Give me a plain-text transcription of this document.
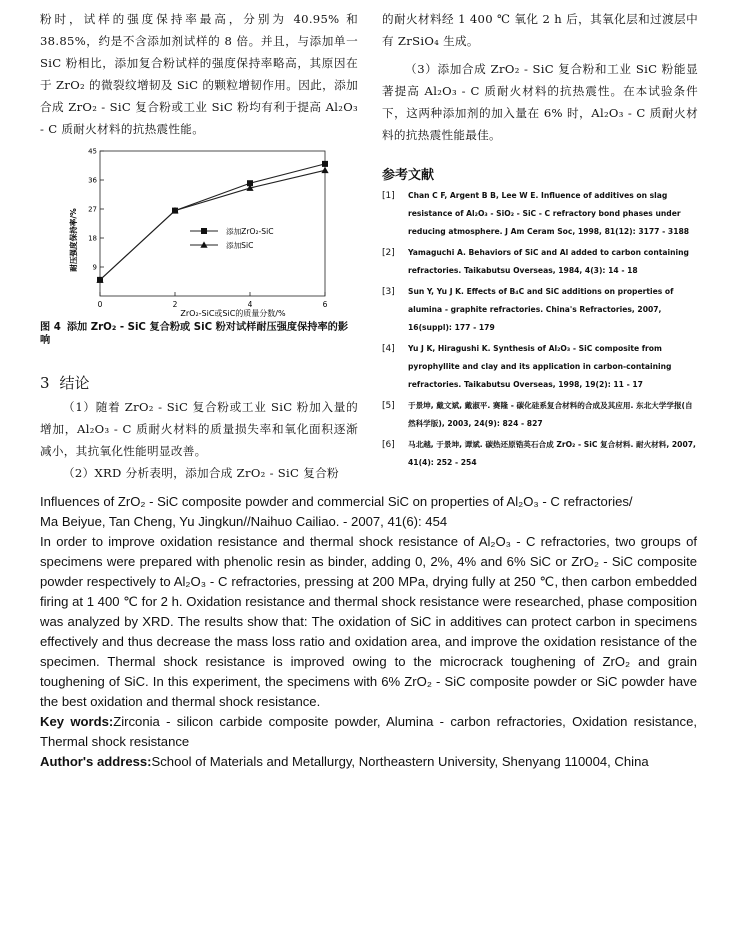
粉时，试样的强度保持率最高，分别为 40.95% 和 38.85%，约是不含添加剂试样的 8 倍。并且，与添加单一 SiC 粉相比，添加复合粉试样的强度保持率略高，其原因在于 ZrO₂ 的微裂纹增韧及 SiC 的颗粒增韧作用。因此，添加合成 ZrO₂ - SiC 复合粉或工业 SiC 粉均有利于提高 Al₂O₃ - C 质耐火材料的抗热震性能。

9
18
27
36
45
0	2	4	6
添加ZrO₂-SiC
添加SiC
耐压强度保持率/%
ZrO₂-SiC或SiC的质量分数/%

图 4 添加 ZrO₂ - SiC 复合粉或 SiC 粉对试样耐压强度保持率的影响

3 结论

（1）随着 ZrO₂ - SiC 复合粉或工业 SiC 粉加入量的增加，Al₂O₃ - C 质耐火材料的质量损失率和氧化面积逐渐减小，其抗氧化性能明显改善。

（2）XRD 分析表明，添加合成 ZrO₂ - SiC 复合粉

的耐火材料经 1 400 ℃ 氧化 2 h 后，其氧化层和过渡层中有 ZrSiO₄ 生成。

（3）添加合成 ZrO₂ - SiC 复合粉和工业 SiC 粉能显著提高 Al₂O₃ - C 质耐火材料的抗热震性。在本试验条件下，这两种添加剂的加入量在 6% 时，Al₂O₃ - C 质耐火材料的抗热震性能最佳。

参考文献
[1]	Chan C F, Argent B B, Lee W E. Influence of additives on slag resistance of Al₂O₃ - SiO₂ - SiC - C refractory bond phases under reducing atmosphere. J Am Ceram Soc, 1998, 81(12): 3177 - 3188
[2]	Yamaguchi A. Behaviors of SiC and Al added to carbon containing refractories. Taikabutsu Overseas, 1984, 4(3): 14 - 18
[3]	Sun Y, Yu J K. Effects of B₄C and SiC additions on properties of alumina - graphite refractories. China's Refractories, 2007, 16(suppl): 177 - 179
[4]	Yu J K, Hiragushi K. Synthesis of Al₂O₃ - SiC composite from pyrophyllite and clay and its application in carbon-containing refractories. Taikabutsu Overseas, 1998, 19(2): 11 - 17
[5]	于景坤, 戴文斌, 戴淑平. 赛隆 - 碳化硅系复合材料的合成及其应用. 东北大学学报(自然科学版), 2003, 24(9): 824 - 827
[6]	马北越, 于景坤, 谭斌. 碳热还原锆英石合成 ZrO₂ - SiC 复合材料. 耐火材料, 2007, 41(4): 252 - 254

Influences of ZrO₂ - SiC composite powder and commercial SiC on properties of Al₂O₃ - C refractories/

Ma Beiyue, Tan Cheng, Yu Jingkun//Naihuo Cailiao. - 2007, 41(6): 454

In order to improve oxidation resistance and thermal shock resistance of Al₂O₃ - C refractories, two groups of specimens were prepared with phenolic resin as binder, adding 0, 2%, 4% and 6% SiC or ZrO₂ - SiC composite powder respectively to Al₂O₃ - C refractories, pressing at 200 MPa, drying fully at 250 ℃, then carbon embedded firing at 1 400 ℃ for 2 h. Oxidation resistance and thermal shock resistance were researched, phase composition was analyzed by XRD. The results show that: The oxidation of SiC in additives can protect carbon in specimens effectively and thus decrease the mass loss ratio and oxidation area, and improve the oxidation resistance of the specimen. Thermal shock resistance is improved owing to the microcrack toughening of ZrO₂ and grain toughening of SiC. In this experiment, the specimens with 6% ZrO₂ - SiC composite powder or SiC powder have the best oxidation and thermal shock resistance.

Key words:Zirconia - silicon carbide composite powder, Alumina - carbon refractories, Oxidation resistance, Thermal shock resistance

Author's address:School of Materials and Metallurgy, Northeastern University, Shenyang 110004, China
